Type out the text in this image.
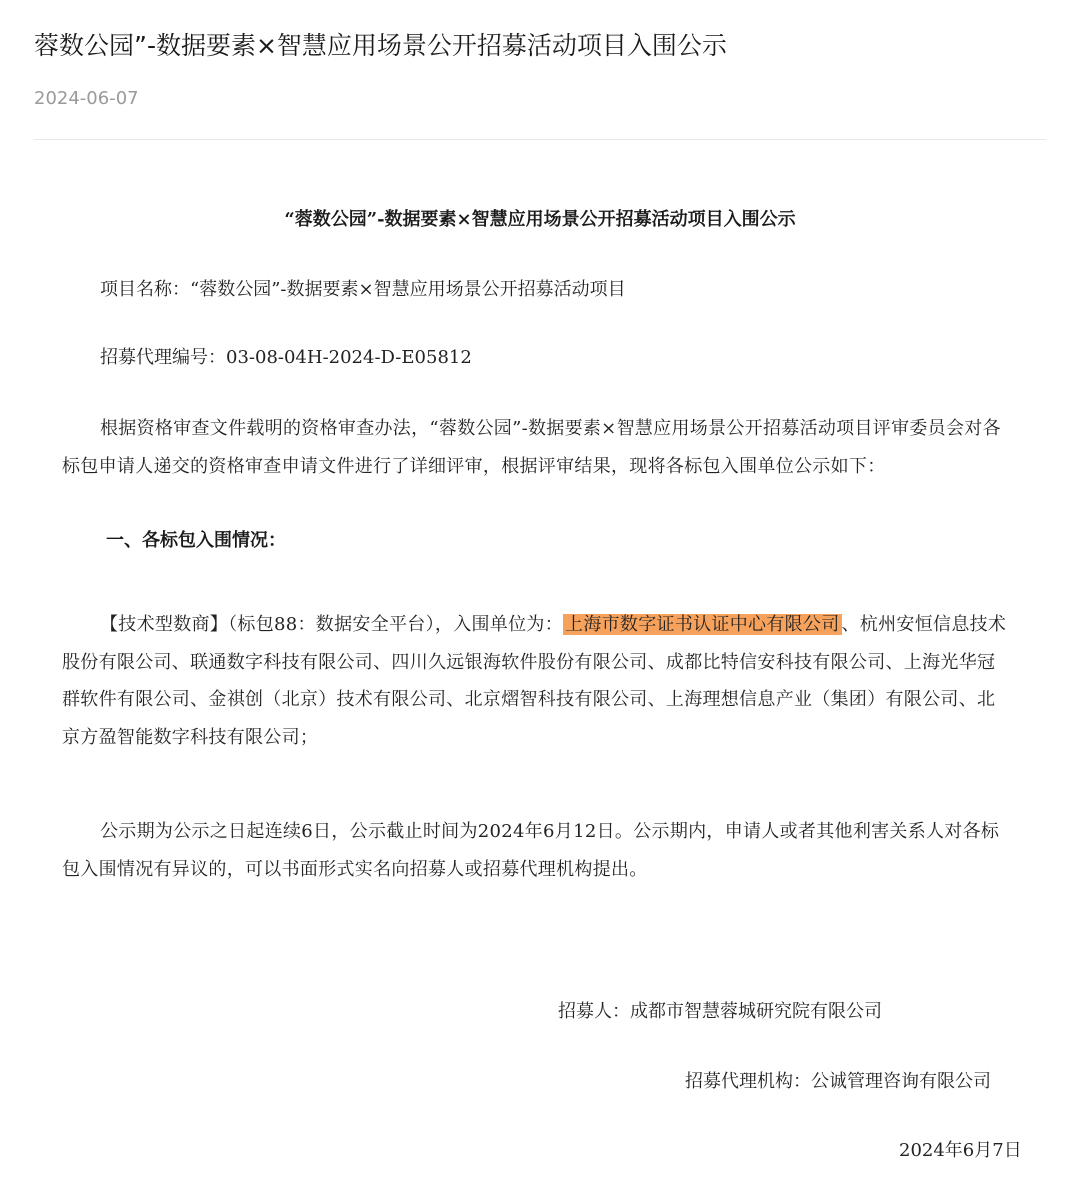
蓉数公园”-数据要素×智慧应用场景公开招募活动项目入围公示
2024-06-07
“蓉数公园”-数据要素×智慧应用场景公开招募活动项目入围公示
项目名称：“蓉数公园”-数据要素×智慧应用场景公开招募活动项目
招募代理编号：03-08-04H-2024-D-E05812
根据资格审查文件载明的资格审查办法，“蓉数公园”-数据要素×智慧应用场景公开招募活动项目评审委员会对各标包申请人递交的资格审查申请文件进行了详细评审，根据评审结果，现将各标包入围单位公示如下：
一、各标包入围情况：
【技术型数商】（标包88：数据安全平台），入围单位为： 上海市数字证书认证中心有限公司 、杭州安恒信息技术股份有限公司、联通数字科技有限公司、四川久远银海软件股份有限公司、成都比特信安科技有限公司、上海光华冠群软件有限公司、金祺创（北京）技术有限公司、北京熠智科技有限公司、上海理想信息产业（集团）有限公司、北京方盈智能数字科技有限公司；
公示期为公示之日起连续6日，公示截止时间为2024年6月12日。公示期内，申请人或者其他利害关系人对各标包入围情况有异议的，可以书面形式实名向招募人或招募代理机构提出。
招募人：成都市智慧蓉城研究院有限公司
招募代理机构：公诚管理咨询有限公司
2024年6月7日
